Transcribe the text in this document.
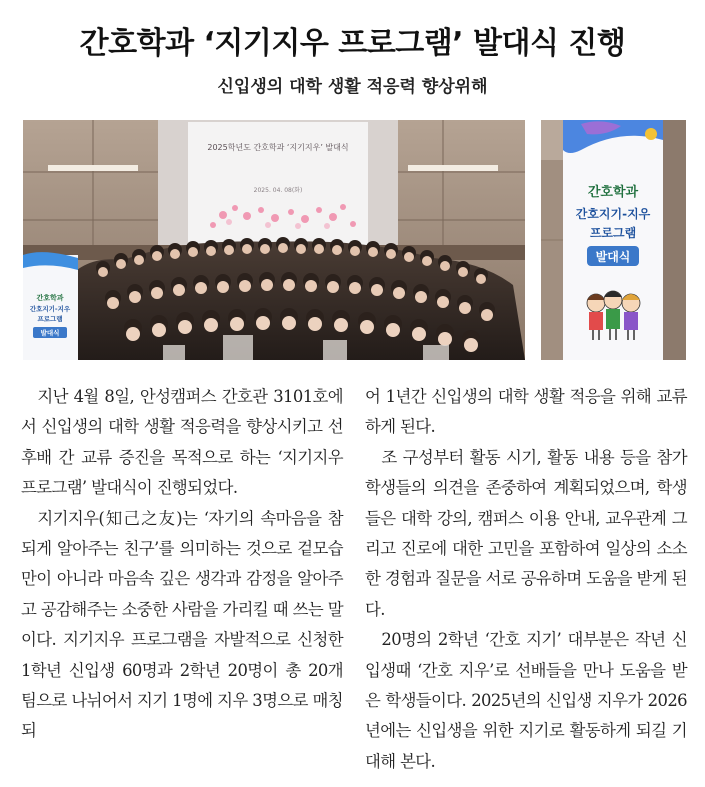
간호학과 ‘지기지우 프로그램’ 발대식 진행
신입생의 대학 생활 적응력 향상위해
2025학년도 간호학과 ‘지기지우’ 발대식
2025. 04. 08(화)
간호학과
간호지기-지우
프로그램
발대식
간호학과
간호지기-지우
프로그램
발대식

지난 4월 8일, 안성캠퍼스 간호관 3101호에서 신입생의 대학 생활 적응력을 향상시키고 선후배 간 교류 증진을 목적으로 하는 ‘지기지우 프로그램’ 발대식이 진행되었다.

지기지우(知己之友)는 ‘자기의 속마음을 참되게 알아주는 친구’를 의미하는 것으로 겉모습만이 아니라 마음속 깊은 생각과 감정을 알아주고 공감해주는 소중한 사람을 가리킬 때 쓰는 말이다. 지기지우 프로그램을 자발적으로 신청한 1학년 신입생 60명과 2학년 20명이 총 20개 팀으로 나뉘어서 지기 1명에 지우 3명으로 매칭되

어 1년간 신입생의 대학 생활 적응을 위해 교류하게 된다.

조 구성부터 활동 시기, 활동 내용 등을 참가 학생들의 의견을 존중하여 계획되었으며, 학생들은 대학 강의, 캠퍼스 이용 안내, 교우관계 그리고 진로에 대한 고민을 포함하여 일상의 소소한 경험과 질문을 서로 공유하며 도움을 받게 된다.

20명의 2학년 ‘간호 지기’ 대부분은 작년 신입생때 ‘간호 지우’로 선배들을 만나 도움을 받은 학생들이다. 2025년의 신입생 지우가 2026년에는 신입생을 위한 지기로 활동하게 되길 기대해 본다.
